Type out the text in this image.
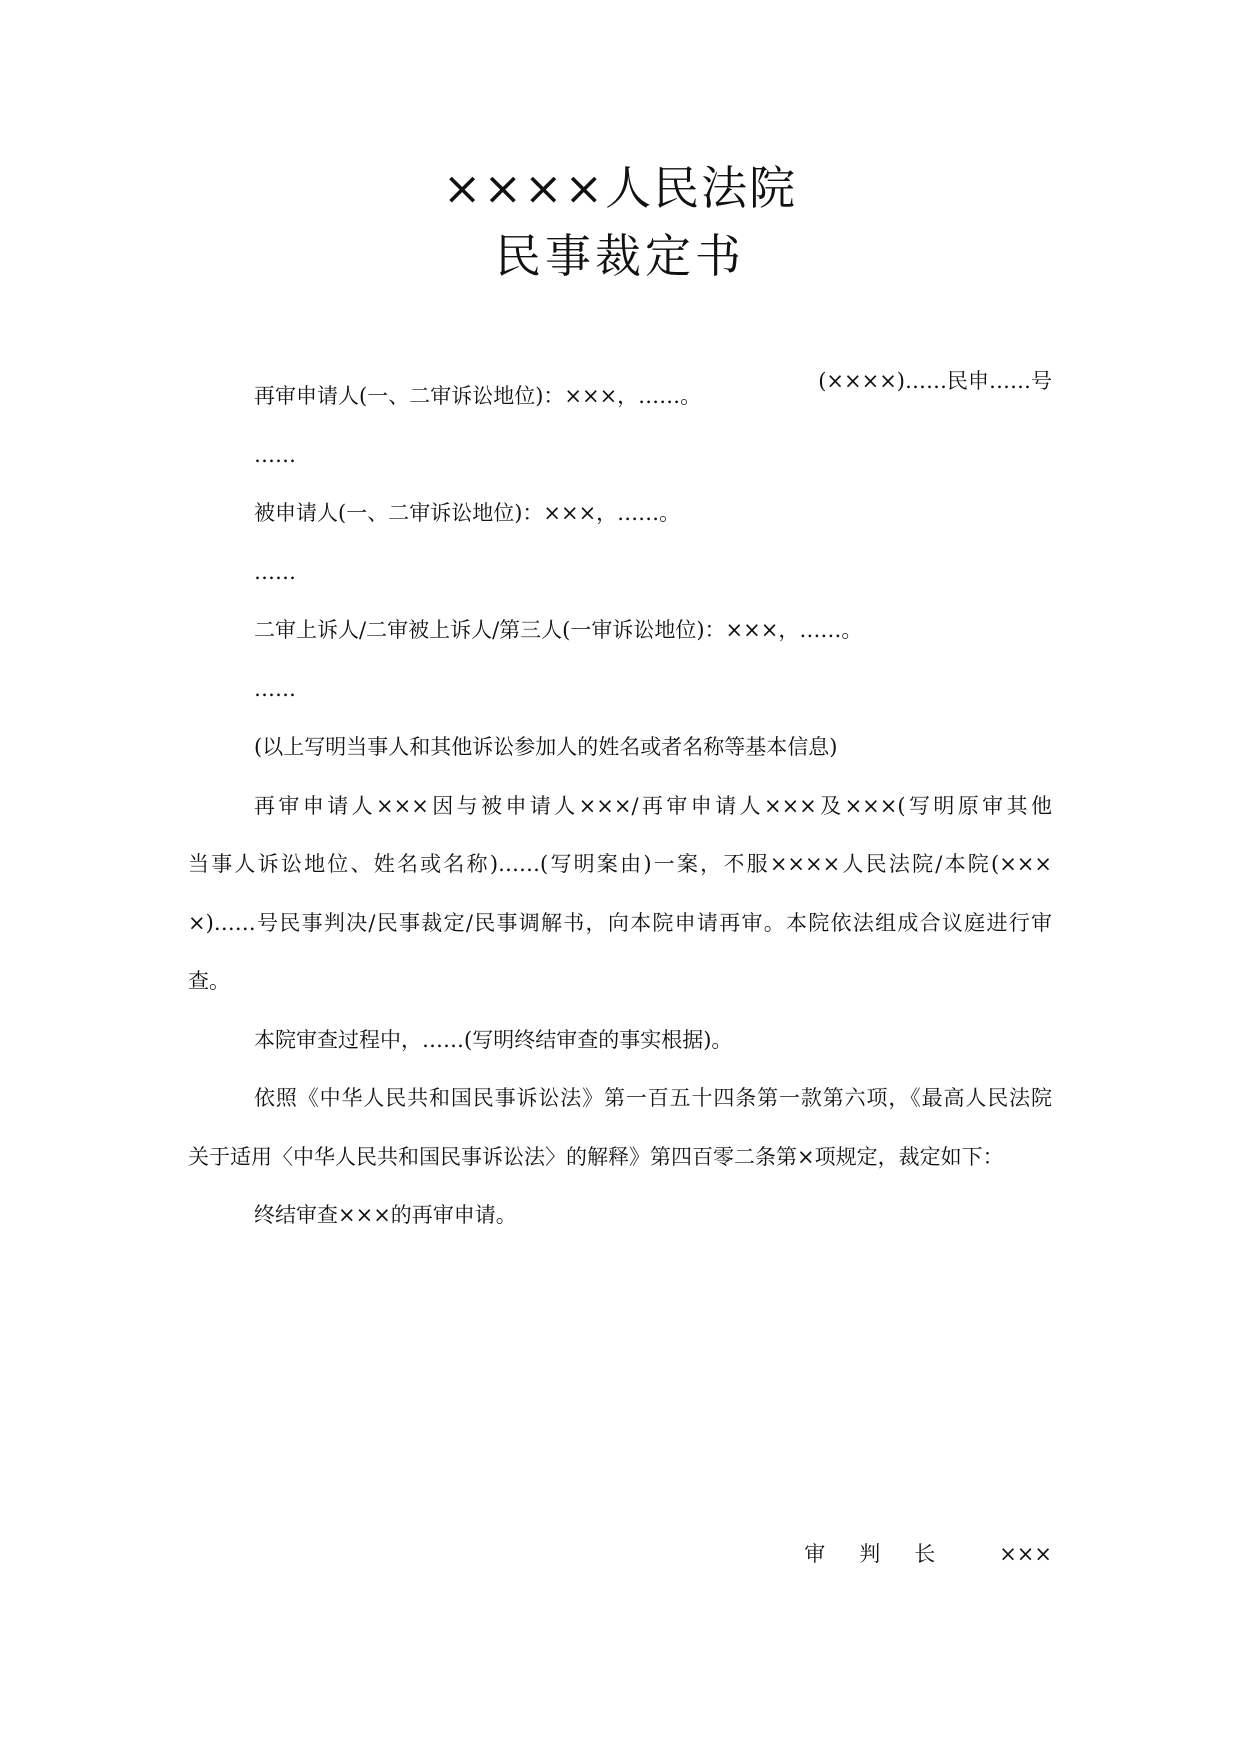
××××人民法院
民事裁定书
(××××)……民申……号
再审申请人(一、二审诉讼地位)：×××，……。
……
被申请人(一、二审诉讼地位)：×××，……。
……
二审上诉人/二审被上诉人/第三人(一审诉讼地位)：×××，……。
……
(以上写明当事人和其他诉讼参加人的姓名或者名称等基本信息)
再审申请人×××因与被申请人×××/再审申请人×××及×××(写明原审其他
当事人诉讼地位、姓名或名称)……(写明案由)一案，不服××××人民法院/本院(×××
×)……号民事判决/民事裁定/民事调解书，向本院申请再审。本院依法组成合议庭进行审
查。
本院审查过程中，……(写明终结审查的事实根据)。
依照《中华人民共和国民事诉讼法》第一百五十四条第一款第六项，《最高人民法院
关于适用〈中华人民共和国民事诉讼法〉的解释》第四百零二条第×项规定，裁定如下：
终结审查×××的再审申请。
审判长 ×××
